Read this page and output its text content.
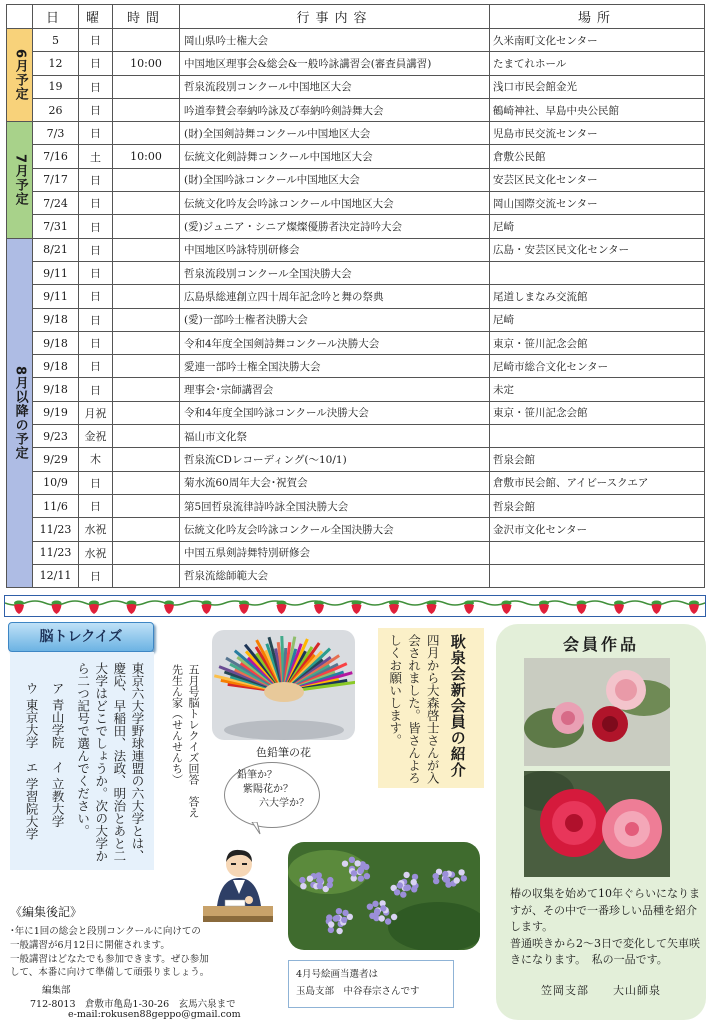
	日	曜	時間	行事内容	場所

6月予定	5	日		岡山県吟士権大会	久米南町文化センター
	12	日	10:00	中国地区理事会&総会&一般吟詠講習会(審査員講習)	たまてれホール
	19	日		哲泉流段別コンクール中国地区大会	浅口市民会館金光
	26	日		吟道奉賛会奉納吟詠及び奉納吟剣詩舞大会	鶴崎神社、早島中央公民館

7月予定	7/3	日		(財)全国剣詩舞コンクール中国地区大会	児島市民交流センター
	7/16	土	10:00	伝統文化剣詩舞コンクール中国地区大会	倉敷公民館
	7/17	日		(財)全国吟詠コンクール中国地区大会	安芸区民文化センター
	7/24	日		伝統文化吟友会吟詠コンクール中国地区大会	岡山国際交流センター
	7/31	日		(愛)ジュニア・シニア燦燦優勝者決定詩吟大会	尼崎

8月以降の予定	8/21	日		中国地区吟詠特別研修会	広島・安芸区民文化センター
	9/11	日		哲泉流段別コンクール全国決勝大会	
	9/11	日		広島県総連創立四十周年記念吟と舞の祭典	尾道しまなみ交流館
	9/18	日		(愛)一部吟士権者決勝大会	尼崎
	9/18	日		令和4年度全国剣詩舞コンクール決勝大会	東京・笹川記念会館
	9/18	日		愛連一部吟士権全国決勝大会	尼崎市総合文化センター
	9/18	日		理事会･宗師講習会	未定
	9/19	月祝		令和4年度全国吟詠コンクール決勝大会	東京・笹川記念会館
	9/23	金祝		福山市文化祭	
	9/29	木		哲泉流CDレコーディング(〜10/1)	哲泉会館
	10/9	日		菊水流60周年大会･祝賀会	倉敷市民会館、アイビースクエア
	11/6	日		第5回哲泉流律詩吟詠全国決勝大会	哲泉会館
	11/23	水祝		伝統文化吟友会吟詠コンクール全国決勝大会	金沢市文化センター
	11/23	水祝		中国五県剣詩舞特別研修会	
	12/11	日		哲泉流総師範大会	
脳トレクイズ
東京六大学野球連盟の六大学とは、慶応、早稲田、法政、明治とあと二大学はどこでしょうか。次の大学から二つ記号で選んでください。
ア 青山学院　イ 立教大学
ウ 東京大学　エ 学習院大学	五月号脳トレクイズ回答　答え　先生ん家（せんせんち）	色鉛筆の花	耿泉会新会員の紹介
四月から大森啓士さんが入会されました。皆さんよろしくお願いします。
鉛筆か？
紫陽花か？
六大学か？
会員作品
椿の収集を始めて10年ぐらいになりますが、その中で一番珍しい品種を紹介します。
普通咲きから2〜3日で変化して矢車咲きになります。　私の一品です。
笠岡支部　　大山師泉
《編集後記》
･年に1回の総会と段別コンクールに向けての
一般講習が6月12日に開催されます。
一般講習はどなたでも参加できます。ぜひ参加
して、本番に向けて準備して頑張りましょう。
編集部
712-8013　倉敷市亀島1-30-26　玄馬六泉まで
e-mail:rokusen88geppo@gmail.com
4月号絵画当選者は
玉島支部　中谷春宗さんです
